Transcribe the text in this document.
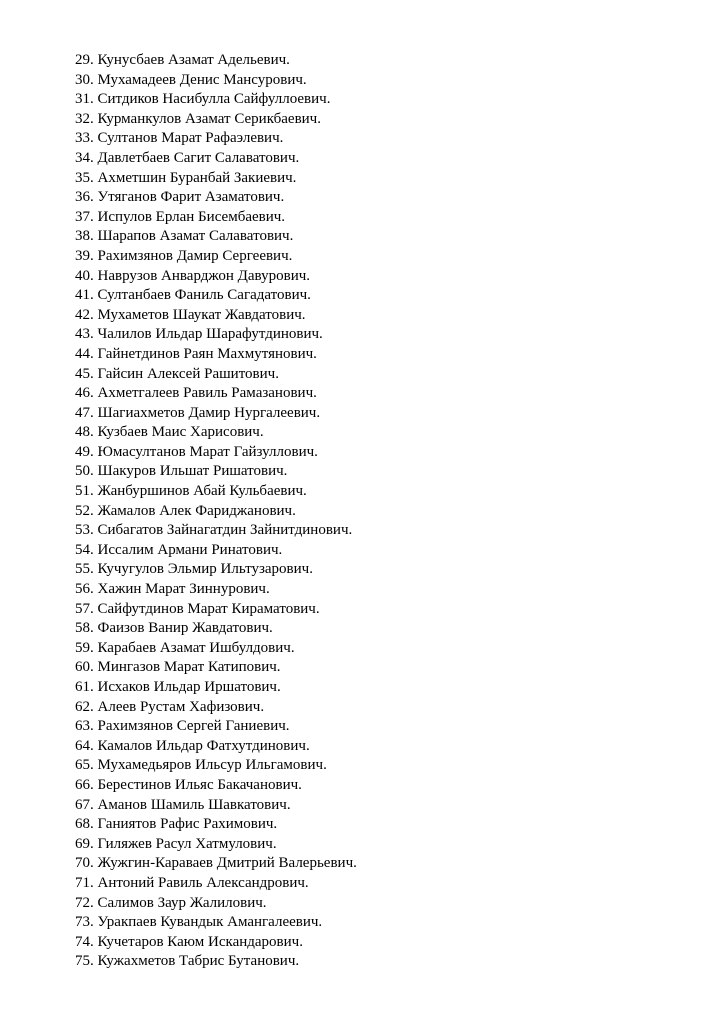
29. Кунусбаев Азамат Адельевич.
30. Мухамадеев Денис Мансурович.
31. Ситдиков Насибулла Сайфуллоевич.
32. Курманкулов Азамат Серикбаевич.
33. Султанов Марат Рафаэлевич.
34. Давлетбаев Сагит Салаватович.
35. Ахметшин Буранбай Закиевич.
36. Утяганов Фарит Азаматович.
37. Испулов Ерлан Бисембаевич.
38. Шарапов Азамат Салаватович.
39. Рахимзянов Дамир Сергеевич.
40. Наврузов Анварджон Давурович.
41. Султанбаев Фаниль Сагадатович.
42. Мухаметов Шаукат Жавдатович.
43. Чалилов Ильдар Шарафутдинович.
44. Гайнетдинов Раян Махмутянович.
45. Гайсин Алексей Рашитович.
46. Ахметгалеев Равиль Рамазанович.
47. Шагиахметов Дамир Нургалеевич.
48. Кузбаев Маис Харисович.
49. Юмасултанов Марат Гайзуллович.
50. Шакуров Ильшат Ришатович.
51. Жанбуршинов Абай Кульбаевич.
52. Жамалов Алек Фариджанович.
53. Сибагатов Зайнагатдин Зайнитдинович.
54. Иссалим Армани Ринатович.
55. Кучугулов Эльмир Ильтузарович.
56. Хажин Марат Зиннурович.
57. Сайфутдинов Марат Кираматович.
58. Фаизов Ванир Жавдатович.
59. Карабаев Азамат Ишбулдович.
60. Мингазов Марат Катипович.
61. Исхаков Ильдар Иршатович.
62. Алеев Рустам Хафизович.
63. Рахимзянов Сергей Ганиевич.
64. Камалов Ильдар Фатхутдинович.
65. Мухамедьяров Ильсур Ильгамович.
66. Берестинов Ильяс Бакачанович.
67. Аманов Шамиль Шавкатович.
68. Ганиятов Рафис Рахимович.
69. Гиляжев Расул Хатмулович.
70. Жужгин-Караваев Дмитрий Валерьевич.
71. Антоний Равиль Александрович.
72. Салимов Заур Жалилович.
73. Уракпаев Кувандык Амангалеевич.
74. Кучетаров Каюм Искандарович.
75. Кужахметов Табрис Бутанович.
